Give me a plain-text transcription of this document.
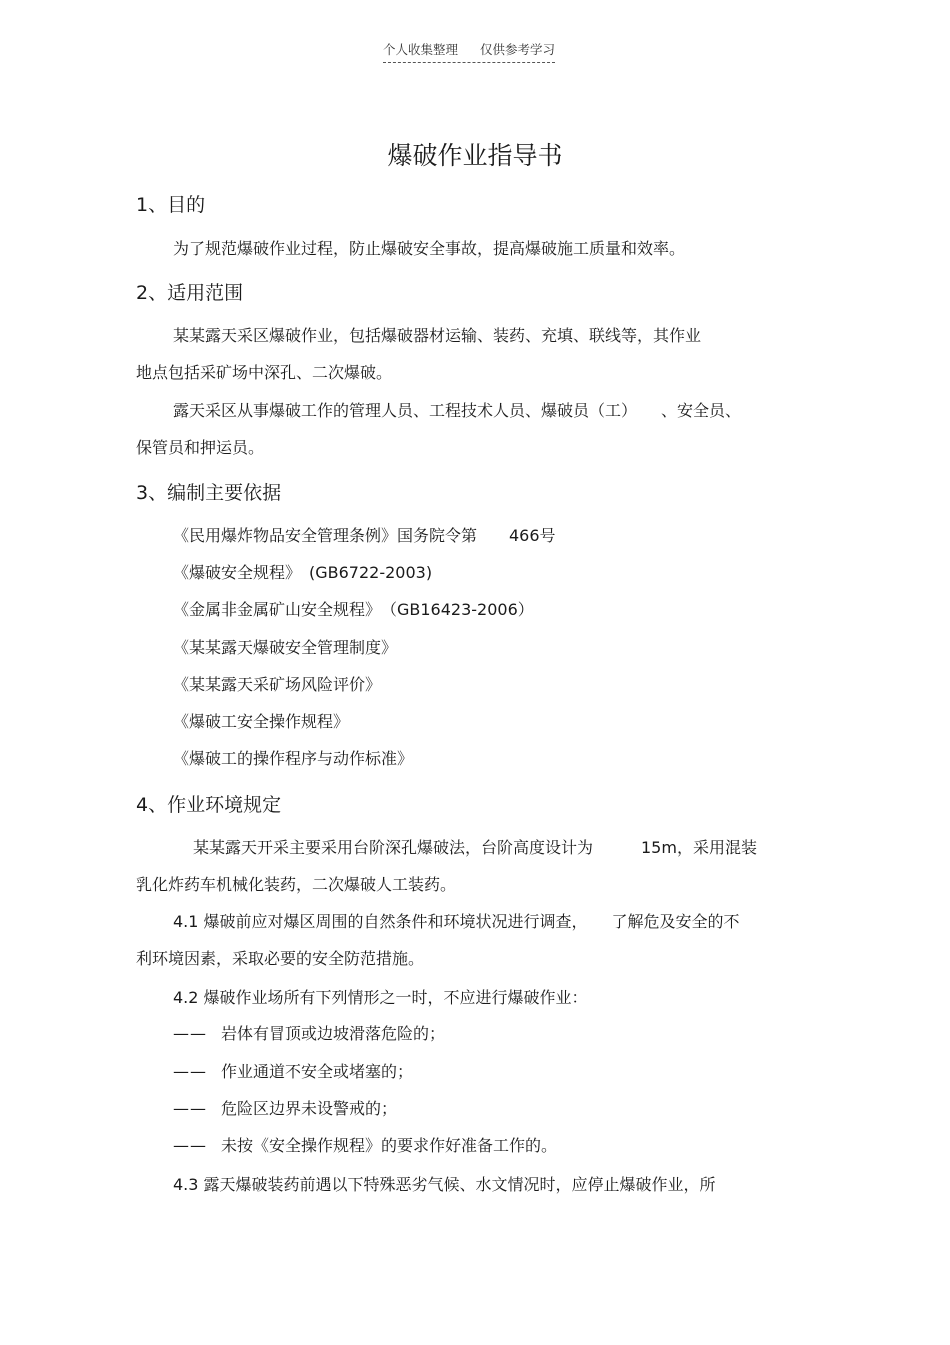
个人收集整理 仅供参考学习
爆破作业指导书
1、目的
为了规范爆破作业过程，防止爆破安全事故，提高爆破施工质量和效率。
2、适用范围
某某露天采区爆破作业，包括爆破器材运输、装药、充填、联线等，其作业
地点包括采矿场中深孔、二次爆破。
露天采区从事爆破工作的管理人员、工程技术人员、爆破员（工）　　、安全员、
保管员和押运员。
3、编制主要依据
《民用爆炸物品安全管理条例》国务院令第　　466号
《爆破安全规程》　(GB6722-2003)
《金属非金属矿山安全规程》　（GB16423-2006）
《某某露天爆破安全管理制度》
《某某露天采矿场风险评价》
《爆破工安全操作规程》
《爆破工的操作程序与动作标准》
4、作业环境规定
某某露天开采主要采用台阶深孔爆破法，台阶高度设计为　　　15m，采用混装
乳化炸药车机械化装药，二次爆破人工装药。
4.1 爆破前应对爆区周围的自然条件和环境状况进行调查，　　了解危及安全的不
利环境因素，采取必要的安全防范措施。
4.2 爆破作业场所有下列情形之一时，不应进行爆破作业：
—— 岩体有冒顶或边坡滑落危险的；
—— 作业通道不安全或堵塞的；
—— 危险区边界未设警戒的；
—— 未按《安全操作规程》的要求作好准备工作的。
4.3 露天爆破装药前遇以下特殊恶劣气候、水文情况时，应停止爆破作业，所
